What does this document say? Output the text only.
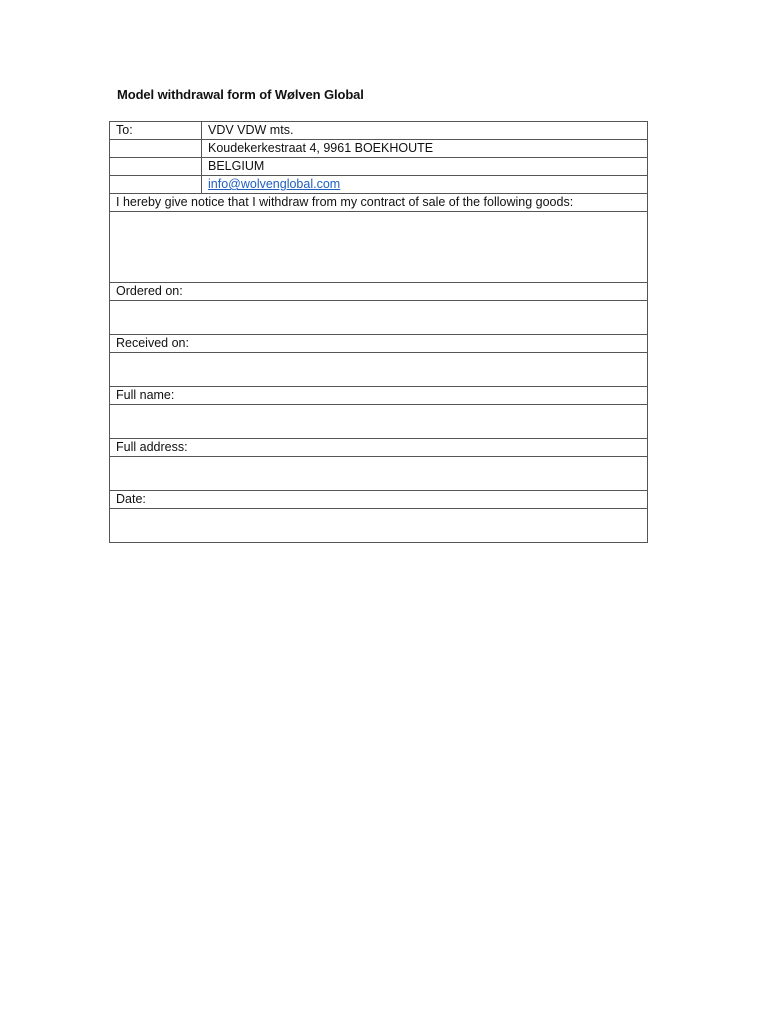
Model withdrawal form of Wølven Global
To:	VDV VDW mts.
	Koudekerkestraat 4, 9961 BOEKHOUTE
	BELGIUM
	info@wolvenglobal.com
I hereby give notice that I withdraw from my contract of sale of the following goods:	

Ordered on:	

Received on:	

Full name:	

Full address:	

Date:	
